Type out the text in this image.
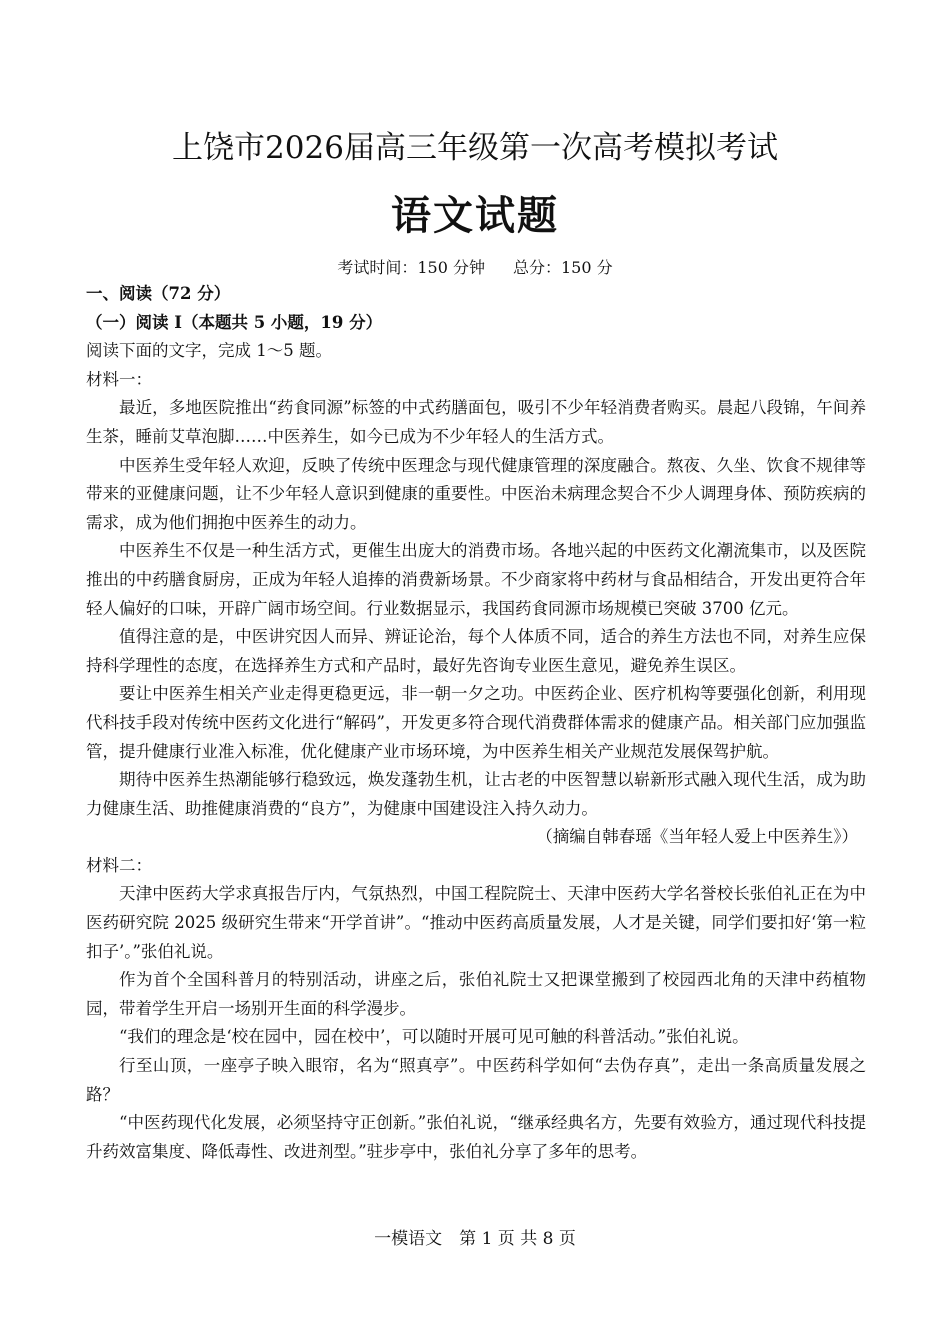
上饶市2026届高三年级第一次高考模拟考试
语文试题
考试时间：150 分钟 总分：150 分

一、阅读（72 分）

（一）阅读 I（本题共 5 小题，19 分）

阅读下面的文字，完成 1～5 题。

材料一：

最近，多地医院推出“药食同源”标签的中式药膳面包，吸引不少年轻消费者购买。晨起八段锦，午间养生茶，睡前艾草泡脚……中医养生，如今已成为不少年轻人的生活方式。

中医养生受年轻人欢迎，反映了传统中医理念与现代健康管理的深度融合。熬夜、久坐、饮食不规律等带来的亚健康问题，让不少年轻人意识到健康的重要性。中医治未病理念契合不少人调理身体、预防疾病的需求，成为他们拥抱中医养生的动力。

中医养生不仅是一种生活方式，更催生出庞大的消费市场。各地兴起的中医药文化潮流集市，以及医院推出的中药膳食厨房，正成为年轻人追捧的消费新场景。不少商家将中药材与食品相结合，开发出更符合年轻人偏好的口味，开辟广阔市场空间。行业数据显示，我国药食同源市场规模已突破 3700 亿元。

值得注意的是，中医讲究因人而异、辨证论治，每个人体质不同，适合的养生方法也不同，对养生应保持科学理性的态度，在选择养生方式和产品时，最好先咨询专业医生意见，避免养生误区。

要让中医养生相关产业走得更稳更远，非一朝一夕之功。中医药企业、医疗机构等要强化创新，利用现代科技手段对传统中医药文化进行“解码”，开发更多符合现代消费群体需求的健康产品。相关部门应加强监管，提升健康行业准入标准，优化健康产业市场环境，为中医养生相关产业规范发展保驾护航。

期待中医养生热潮能够行稳致远，焕发蓬勃生机，让古老的中医智慧以崭新形式融入现代生活，成为助力健康生活、助推健康消费的“良方”，为健康中国建设注入持久动力。

（摘编自韩春瑶《当年轻人爱上中医养生》）

材料二：

天津中医药大学求真报告厅内，气氛热烈，中国工程院院士、天津中医药大学名誉校长张伯礼正在为中医药研究院 2025 级研究生带来“开学首讲”。“推动中医药高质量发展，人才是关键，同学们要扣好‘第一粒扣子’。”张伯礼说。

作为首个全国科普月的特别活动，讲座之后，张伯礼院士又把课堂搬到了校园西北角的天津中药植物园，带着学生开启一场别开生面的科学漫步。

“我们的理念是‘校在园中，园在校中’，可以随时开展可见可触的科普活动。”张伯礼说。

行至山顶，一座亭子映入眼帘，名为“照真亭”。中医药科学如何“去伪存真”，走出一条高质量发展之路？

“中医药现代化发展，必须坚持守正创新。”张伯礼说，“继承经典名方，先要有效验方，通过现代科技提升药效富集度、降低毒性、改进剂型。”驻步亭中，张伯礼分享了多年的思考。

一模语文　第 1 页 共 8 页
